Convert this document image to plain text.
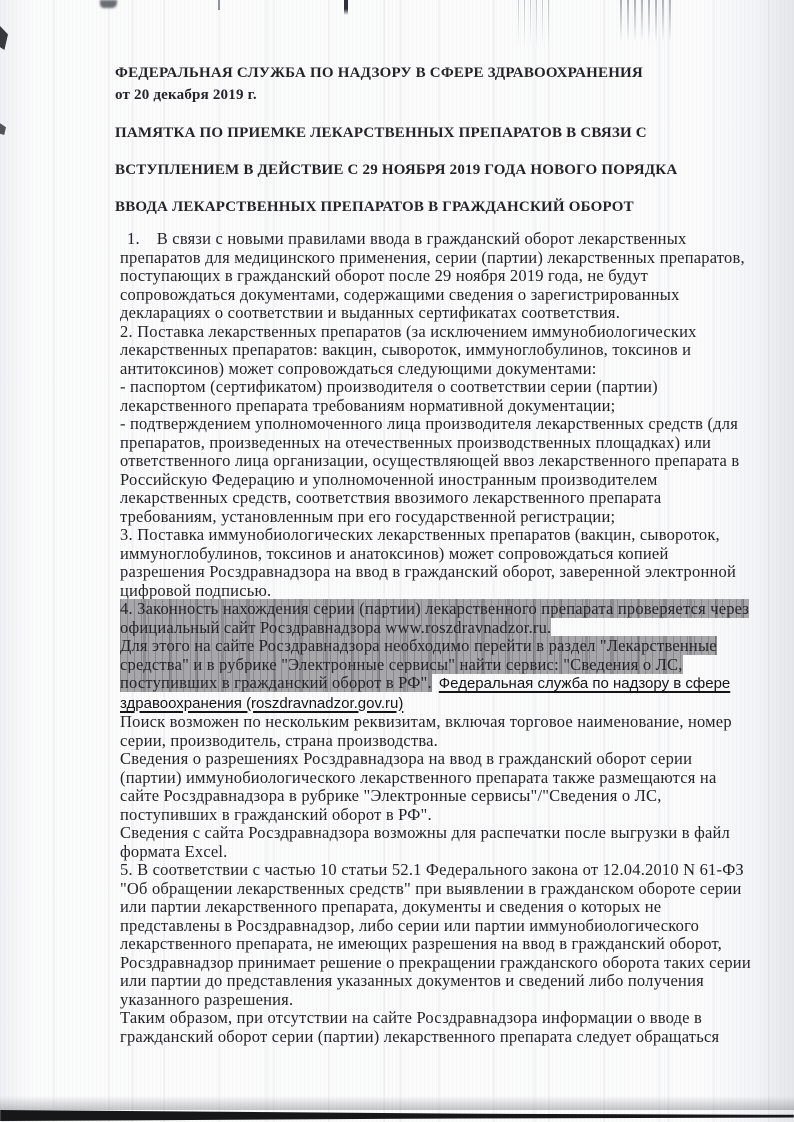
ФЕДЕРАЛЬНАЯ СЛУЖБА ПО НАДЗОРУ В СФЕРЕ ЗДРАВООХРАНЕНИЯ
от 20 декабря 2019 г.
ПАМЯТКА ПО ПРИЕМКЕ ЛЕКАРСТВЕННЫХ ПРЕПАРАТОВ В СВЯЗИ С
ВСТУПЛЕНИЕМ В ДЕЙСТВИЕ С 29 НОЯБРЯ 2019 ГОДА НОВОГО ПОРЯДКА
ВВОДА ЛЕКАРСТВЕННЫХ ПРЕПАРАТОВ В ГРАЖДАНСКИЙ ОБОРОТ

1. В связи с новыми правилами ввода в гражданский оборот лекарственных препаратов для медицинского применения, серии (партии) лекарственных препаратов, поступающих в гражданский оборот после 29 ноября 2019 года, не будут сопровождаться документами, содержащими сведения о зарегистрированных декларациях о соответствии и выданных сертификатах соответствия.

2. Поставка лекарственных препаратов (за исключением иммунобиологических лекарственных препаратов: вакцин, сывороток, иммуноглобулинов, токсинов и антитоксинов) может сопровождаться следующими документами:

- паспортом (сертификатом) производителя о соответствии серии (партии) лекарственного препарата требованиям нормативной документации;

- подтверждением уполномоченного лица производителя лекарственных средств (для препаратов, произведенных на отечественных производственных площадках) или ответственного лица организации, осуществляющей ввоз лекарственного препарата в Российскую Федерацию и уполномоченной иностранным производителем лекарственных средств, соответствия ввозимого лекарственного препарата требованиям, установленным при его государственной регистрации;

3. Поставка иммунобиологических лекарственных препаратов (вакцин, сывороток, иммуноглобулинов, токсинов и анатоксинов) может сопровождаться копией разрешения Росздравнадзора на ввод в гражданский оборот, заверенной электронной цифровой подписью.

4. Законность нахождения серии (партии) лекарственного препарата проверяется через официальный сайт Росздравнадзора www.roszdravnadzor.ru.

Для этого на сайте Росздравнадзора необходимо перейти в раздел "Лекарственные средства" и в рубрике "Электронные сервисы" найти сервис: "Сведения о ЛС, поступивших в гражданский оборот в РФ". Федеральная служба по надзору в сфере здравоохранения (roszdravnadzor.gov.ru)

Поиск возможен по нескольким реквизитам, включая торговое наименование, номер серии, производитель, страна производства.

Сведения о разрешениях Росздравнадзора на ввод в гражданский оборот серии (партии) иммунобиологического лекарственного препарата также размещаются на сайте Росздравнадзора в рубрике "Электронные сервисы"/"Сведения о ЛС, поступивших в гражданский оборот в РФ".

Сведения с сайта Росздравнадзора возможны для распечатки после выгрузки в файл формата Excel.

5. В соответствии с частью 10 статьи 52.1 Федерального закона от 12.04.2010 N 61-ФЗ "Об обращении лекарственных средств" при выявлении в гражданском обороте серии или партии лекарственного препарата, документы и сведения о которых не представлены в Росздравнадзор, либо серии или партии иммунобиологического лекарственного препарата, не имеющих разрешения на ввод в гражданский оборот, Росздравнадзор принимает решение о прекращении гражданского оборота таких серии или партии до представления указанных документов и сведений либо получения указанного разрешения.

Таким образом, при отсутствии на сайте Росздравнадзора информации о вводе в гражданский оборот серии (партии) лекарственного препарата следует обращаться
